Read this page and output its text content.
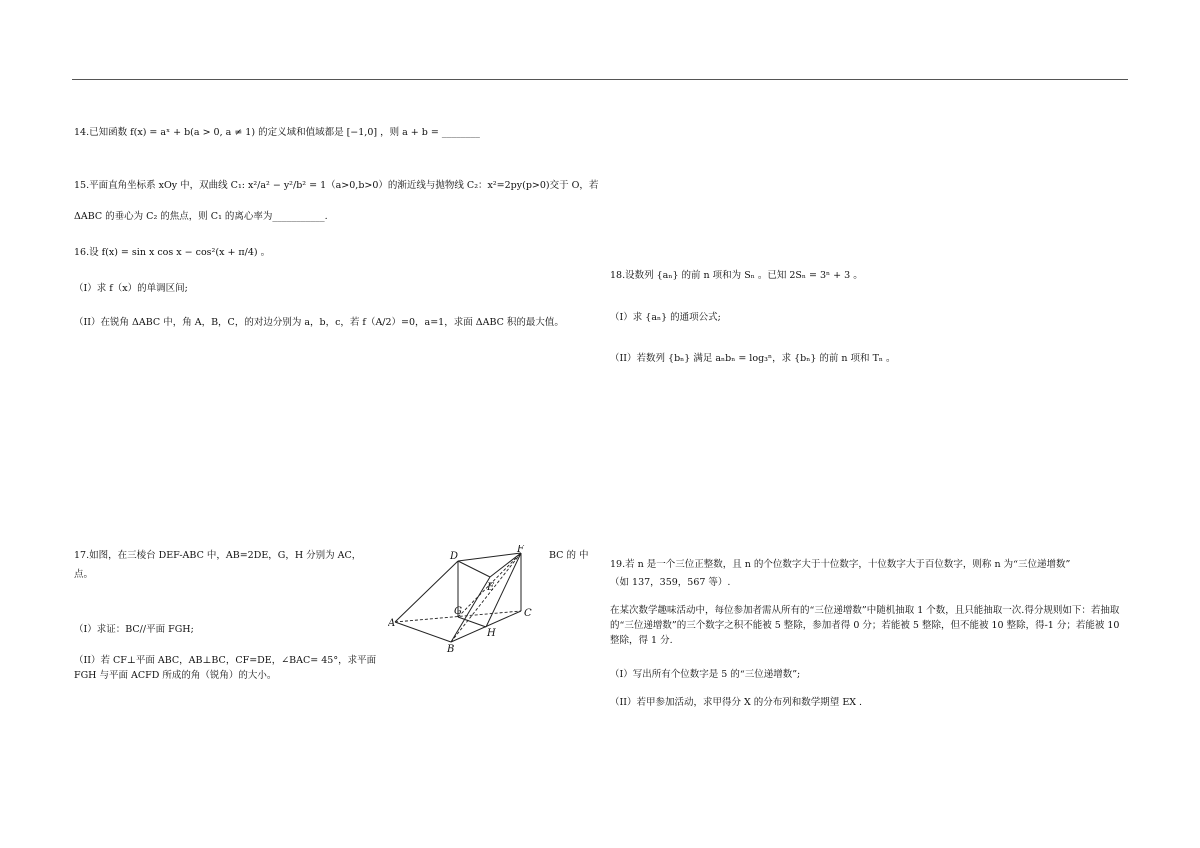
14.已知函数 f(x) = aˣ + b(a > 0, a ≠ 1) 的定义域和值域都是 [−1,0] ，则 a + b = ________
15.平面直角坐标系 xOy 中，双曲线 C₁: x²/a² − y²/b² = 1（a>0,b>0）的渐近线与抛物线 C₂：x²=2py(p>0)交于 O，若
ΔABC 的垂心为 C₂ 的焦点，则 C₁ 的离心率为___________.
16.设 f(x) = sin x cos x − cos²(x + π/4) 。
（I）求 f（x）的单调区间;
（II）在锐角 ΔABC 中，角 A，B，C，的对边分别为 a，b，c，若 f（A/2）=0，a=1，求面 ΔABC 积的最大值。
17.如图，在三棱台 DEF-ABC 中，AB=2DE，G，H 分别为 AC，	BC 的 中
点。
（I）求证：BC//平面 FGH;
（II）若 CF⊥平面 ABC，AB⊥BC，CF=DE，∠BAC= 45°，求平面 FGH 与平面 ACFD 所成的角（锐角）的大小。
D
F
E
G	C
A
H
B
18.设数列 {aₙ} 的前 n 项和为 Sₙ 。已知 2Sₙ = 3ⁿ + 3 。
（I）求 {aₙ} 的通项公式;
（II）若数列 {bₙ} 满足 aₙbₙ = log₃ⁿ，求 {bₙ} 的前 n 项和 Tₙ 。
19.若 n 是一个三位正整数，且 n 的个位数字大于十位数字，十位数字大于百位数字，则称 n 为“三位递增数”
（如 137，359，567 等）.
在某次数学趣味活动中，每位参加者需从所有的“三位递增数”中随机抽取 1 个数，且只能抽取一次.得分规则如下：若抽取的“三位递增数”的三个数字之积不能被 5 整除，参加者得 0 分；若能被 5 整除，但不能被 10 整除，得-1 分；若能被 10 整除，得 1 分.
（I）写出所有个位数字是 5 的“三位递增数”;
（II）若甲参加活动，求甲得分 X 的分布列和数学期望 EX .
